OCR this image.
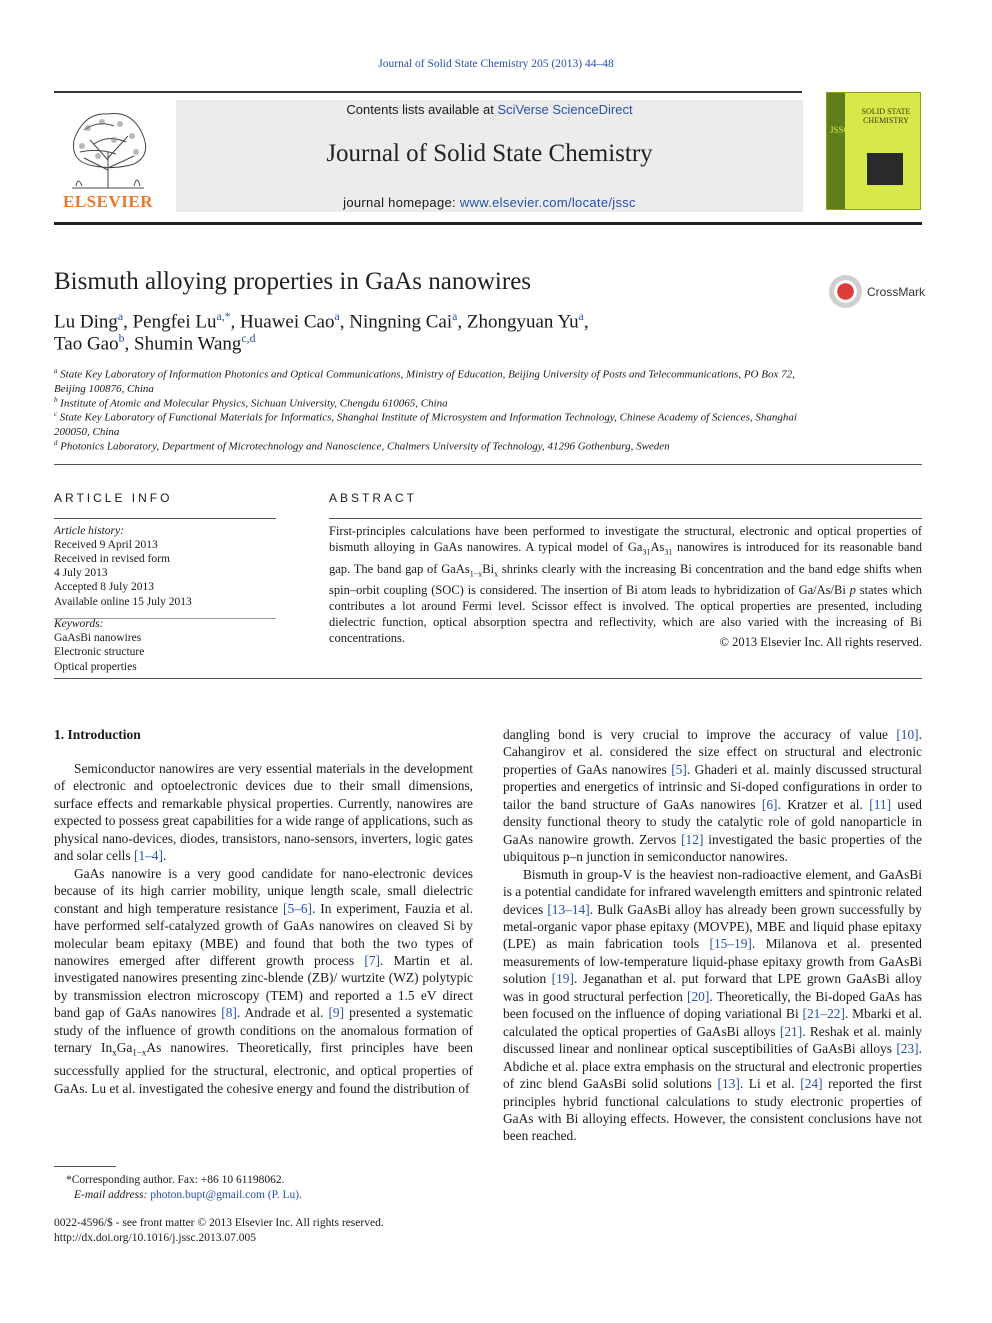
Journal of Solid State Chemistry 205 (2013) 44–48
ELSEVIER
Contents lists available at SciVerse ScienceDirect
Journal of Solid State Chemistry
journal homepage: www.elsevier.com/locate/jssc
JSSC
SOLID STATE CHEMISTRY
Bismuth alloying properties in GaAs nanowires	CrossMark
Lu Ding$^a$, Pengfei $Lu^{a,*}$, Huawei Cao$^a$, Ningning Cai$^a$, Zhongyuan Yu$^a$,
Tao Gao$^b$, Shumin Wang$^{c,d}$
$^a$ State Key Laboratory of Information Photonics and Optical Communications, Ministry of Education, Beijing University of Posts and Telecommunications, PO Box 72, Beijing 100876, China
$^b$ Institute of Atomic and Molecular Physics, Sichuan University, Chengdu 610065, China
$^c$ State Key Laboratory of Functional Materials for Informatics, Shanghai Institute of Microsystem and Information Technology, Chinese Academy of Sciences, Shanghai 200050, China
$^d$ Photonics Laboratory, Department of Microtechnology and Nanoscience, Chalmers University of Technology, 41296 Gothenburg, Sweden
ARTICLE INFO
Article history:
Received 9 April 2013
Received in revised form
4 July 2013
Accepted 8 July 2013
Available online 15 July 2013
Keywords:
GaAsBi nanowires
Electronic structure
Optical properties
ABSTRACT
First-principles calculations have been performed to investigate the structural, electronic and optical properties of bismuth alloying in GaAs nanowires. A typical model of $Ga_{31}As_{31}$ nanowires is introduced for its reasonable band gap. The band gap of $GaAs_{1-x}Bi_x$ shrinks clearly with the increasing Bi concentration and the band edge shifts when spin–orbit coupling (SOC) is considered. The insertion of Bi atom leads to hybridization of Ga/As/Bi p states which contributes a lot around Fermi level. Scissor effect is involved. The optical properties are presented, including dielectric function, optical absorption spectra and reflectivity, which are also varied with the increasing of Bi concentrations.	© 2013 Elsevier Inc. All rights reserved.
1. Introduction

Semiconductor nanowires are very essential materials in the development of electronic and optoelectronic devices due to their small dimensions, surface effects and remarkable physical properties. Currently, nanowires are expected to possess great capabilities for a wide range of applications, such as physical nano-devices, diodes, transistors, nano-sensors, inverters, logic gates and solar cells [1–4].

GaAs nanowire is a very good candidate for nano-electronic devices because of its high carrier mobility, unique length scale, small dielectric constant and high temperature resistance [5–6]. In experiment, Fauzia et al. have performed self-catalyzed growth of GaAs nanowires on cleaved Si by molecular beam epitaxy (MBE) and found that both the two types of nanowires emerged after different growth process [7]. Martin et al. investigated nanowires presenting zinc-blende (ZB)/ wurtzite (WZ) polytypic by transmission electron microscopy (TEM) and reported a 1.5 eV direct band gap of GaAs nanowires [8]. Andrade et al. [9] presented a systematic study of the influence of growth conditions on the anomalous formation of ternary $In_xGa_{1-x}As$ nanowires. Theoretically, first principles have been successfully applied for the structural, electronic, and optical properties of GaAs. Lu et al. investigated the cohesive energy and found the distribution of

dangling bond is very crucial to improve the accuracy of value [10]. Cahangirov et al. considered the size effect on structural and electronic properties of GaAs nanowires [5]. Ghaderi et al. mainly discussed structural properties and energetics of intrinsic and Si-doped configurations in order to tailor the band structure of GaAs nanowires [6]. Kratzer et al. [11] used density functional theory to study the catalytic role of gold nanoparticle in GaAs nanowire growth. Zervos [12] investigated the basic properties of the ubiquitous p–n junction in semiconductor nanowires.

Bismuth in group-V is the heaviest non-radioactive element, and GaAsBi is a potential candidate for infrared wavelength emitters and spintronic related devices [13–14]. Bulk GaAsBi alloy has already been grown successfully by metal-organic vapor phase epitaxy (MOVPE), MBE and liquid phase epitaxy (LPE) as main fabrication tools [15–19]. Milanova et al. presented measurements of low-temperature liquid-phase epitaxy growth from GaAsBi solution [19]. Jeganathan et al. put forward that LPE grown GaAsBi alloy was in good structural perfection [20]. Theoretically, the Bi-doped GaAs has been focused on the influence of doping variational Bi [21–22]. Mbarki et al. calculated the optical properties of GaAsBi alloys [21]. Reshak et al. mainly discussed linear and nonlinear optical susceptibilities of GaAsBi alloys [23]. Abdiche et al. place extra emphasis on the structural and electronic properties of zinc blend GaAsBi solid solutions [13]. Li et al. [24] reported the first principles hybrid functional calculations to study electronic properties of GaAs with Bi alloying effects. However, the consistent conclusions have not been reached.

*Corresponding author. Fax: +86 10 61198062.
E-mail address: photon.bupt@gmail.com (P. Lu).
0022-4596/$ - see front matter © 2013 Elsevier Inc. All rights reserved.
http://dx.doi.org/10.1016/j.jssc.2013.07.005
